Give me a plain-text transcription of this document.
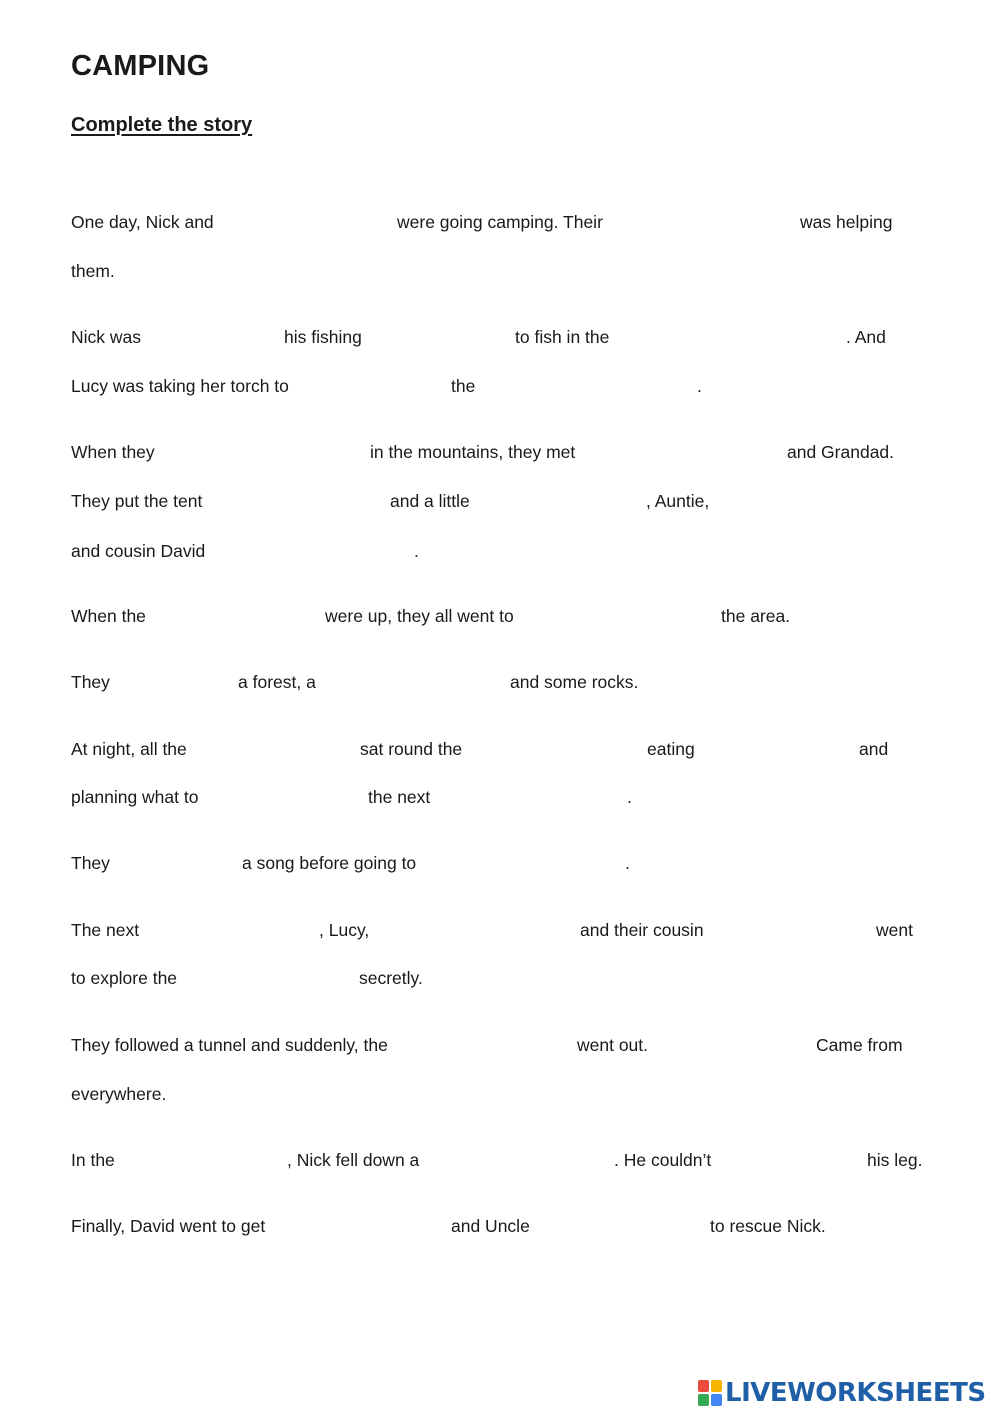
CAMPING
Complete the story
One day, Nick and	were going camping. Their	was helping
them.
Nick was	his fishing	to fish in the	. And
Lucy was taking her torch to	the	.
When they	in the mountains, they met	and Grandad.
They put the tent	and a little	, Auntie,
and cousin David	.
When the	were up, they all went to	the area.
They	a forest, a	and some rocks.
At night, all the	sat round the	eating	and
planning what to	the next	.
They	a song before going to	.
The next	, Lucy,	and their cousin	went
to explore the	secretly.
They followed a tunnel and suddenly, the	went out.	Came from
everywhere.
In the	, Nick fell down a	. He couldn’t	his leg.
Finally, David went to get	and Uncle	to rescue Nick.
LIVEWORKSHEETS
